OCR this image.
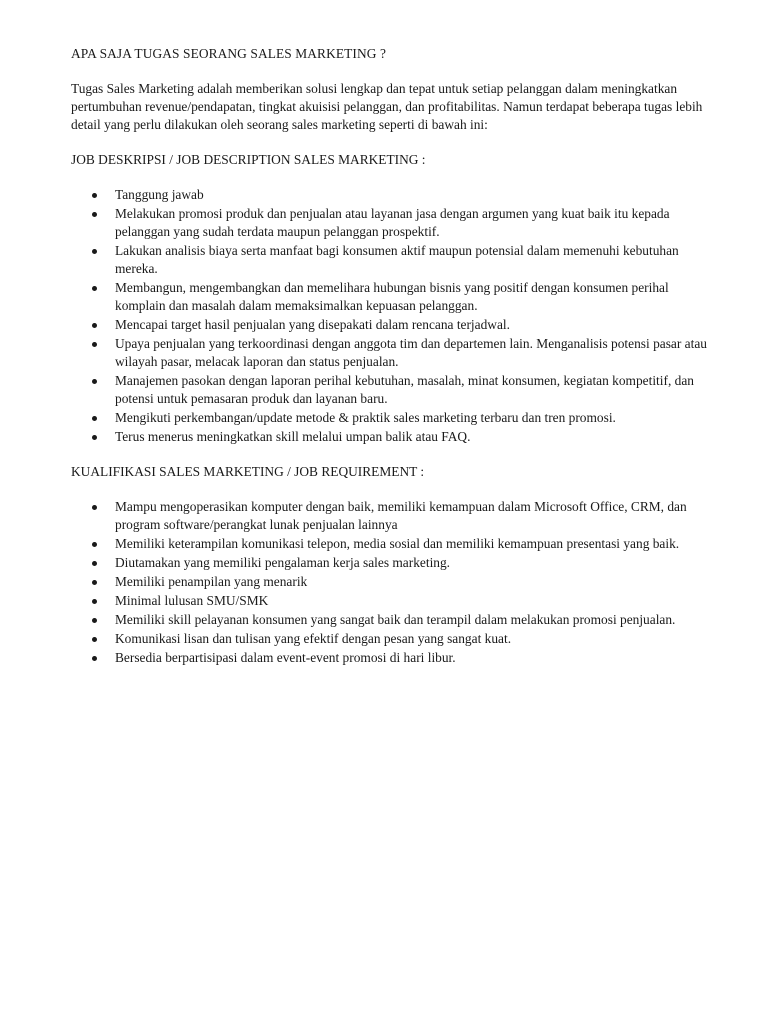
APA SAJA TUGAS SEORANG SALES MARKETING ?

Tugas Sales Marketing adalah memberikan solusi lengkap dan tepat untuk setiap pelanggan dalam meningkatkan pertumbuhan revenue/pendapatan, tingkat akuisisi pelanggan, dan profitabilitas. Namun terdapat beberapa tugas lebih detail yang perlu dilakukan oleh seorang sales marketing seperti di bawah ini:

JOB DESKRIPSI / JOB DESCRIPTION SALES MARKETING :

Tanggung jawab
Melakukan promosi produk dan penjualan atau layanan jasa dengan argumen yang kuat baik itu kepada pelanggan yang sudah terdata maupun pelanggan prospektif.
Lakukan analisis biaya serta manfaat bagi konsumen aktif maupun potensial dalam memenuhi kebutuhan mereka.
Membangun, mengembangkan dan memelihara hubungan bisnis yang positif dengan konsumen perihal komplain dan masalah dalam memaksimalkan kepuasan pelanggan.
Mencapai target hasil penjualan yang disepakati dalam rencana terjadwal.
Upaya penjualan yang terkoordinasi dengan anggota tim dan departemen lain. Menganalisis potensi pasar atau wilayah pasar, melacak laporan dan status penjualan.
Manajemen pasokan dengan laporan perihal kebutuhan, masalah, minat konsumen, kegiatan kompetitif, dan potensi untuk pemasaran produk dan layanan baru.
Mengikuti perkembangan/update metode & praktik sales marketing terbaru dan tren promosi.
Terus menerus meningkatkan skill melalui umpan balik atau FAQ.

KUALIFIKASI SALES MARKETING / JOB REQUIREMENT :

Mampu mengoperasikan komputer dengan baik, memiliki kemampuan dalam Microsoft Office, CRM, dan program software/perangkat lunak penjualan lainnya
Memiliki keterampilan komunikasi telepon, media sosial dan memiliki kemampuan presentasi yang baik.
Diutamakan yang memiliki pengalaman kerja sales marketing.
Memiliki penampilan yang menarik
Minimal lulusan SMU/SMK
Memiliki skill pelayanan konsumen yang sangat baik dan terampil dalam melakukan promosi penjualan.
Komunikasi lisan dan tulisan yang efektif dengan pesan yang sangat kuat.
Bersedia berpartisipasi dalam event-event promosi di hari libur.
